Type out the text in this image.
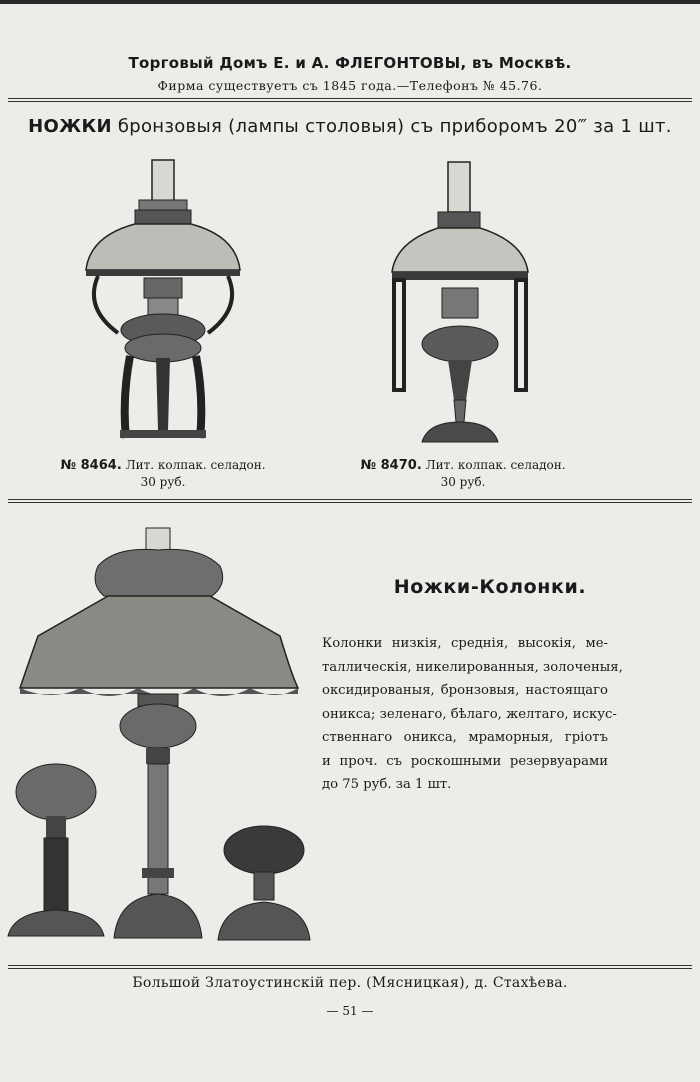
Торговый Домъ Е. и А. ФЛЕГОНТОВЫ, въ Москвѣ.
Фирма существуетъ съ 1845 года.—Телефонъ № 45.76.
НОЖКИ бронзовыя (лампы столовыя) съ приборомъ 20‴ за 1 шт.
№ 8464. Лит. колпак. селадон.
30 руб.
№ 8470. Лит. колпак. селадон.
30 руб.
Ножки-Колонки.
Колонки низкія, среднія, высокія, ме-
таллическія, никелированныя, золоченыя,
оксидированыя, бронзовыя, настоящаго
оникса; зеленаго, бѣлаго, желтаго, искус-
ственнаго оникса, мраморныя, гріотъ
и проч. съ роскошными резервуарами
до 75 руб. за 1 шт.
Большой Златоустинскій пер. (Мясницкая), д. Стахѣева.
— 51 —
